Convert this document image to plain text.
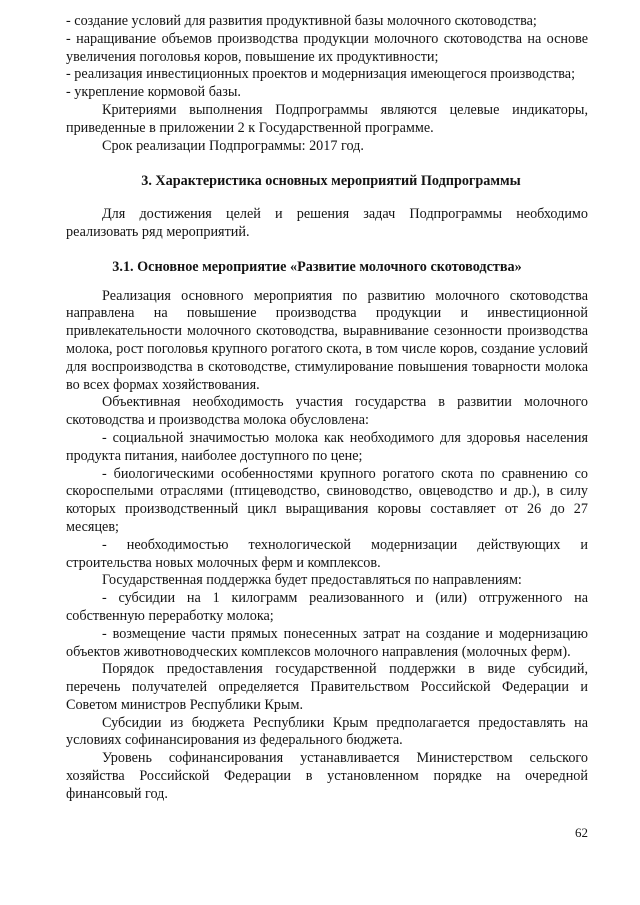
- создание условий для развития продуктивной базы молочного скотоводства;

- наращивание объемов производства продукции молочного скотоводства на основе увеличения поголовья коров, повышение их продуктивности;

- реализация инвестиционных проектов и модернизация имеющегося производства;

- укрепление кормовой базы.

Критериями выполнения Подпрограммы являются целевые индикаторы, приведенные в приложении 2 к Государственной программе.

Срок реализации Подпрограммы: 2017 год.

3. Характеристика основных мероприятий Подпрограммы

Для достижения целей и решения задач Подпрограммы необходимо реализовать ряд мероприятий.

3.1. Основное мероприятие «Развитие молочного скотоводства»

Реализация основного мероприятия по развитию молочного скотоводства направлена на повышение производства продукции и инвестиционной привлекательности молочного скотоводства, выравнивание сезонности производства молока, рост поголовья крупного рогатого скота, в том числе коров, создание условий для воспроизводства в скотоводстве, стимулирование повышения товарности молока во всех формах хозяйствования.

Объективная необходимость участия государства в развитии молочного скотоводства и производства молока обусловлена:

- социальной значимостью молока как необходимого для здоровья населения продукта питания, наиболее доступного по цене;

- биологическими особенностями крупного рогатого скота по сравнению со скороспелыми отраслями (птицеводство, свиноводство, овцеводство и др.), в силу которых производственный цикл выращивания коровы составляет от 26 до 27 месяцев;

- необходимостью технологической модернизации действующих и строительства новых молочных ферм и комплексов.

Государственная поддержка будет предоставляться по направлениям:

- субсидии на 1 килограмм реализованного и (или) отгруженного на собственную переработку молока;

- возмещение части прямых понесенных затрат на создание и модернизацию объектов животноводческих комплексов молочного направления (молочных ферм).

Порядок предоставления государственной поддержки в виде субсидий, перечень получателей определяется Правительством Российской Федерации и Советом министров Республики Крым.

Субсидии из бюджета Республики Крым предполагается предоставлять на условиях софинансирования из федерального бюджета.

Уровень софинансирования устанавливается Министерством сельского хозяйства Российской Федерации в установленном порядке на очередной финансовый год.

62
